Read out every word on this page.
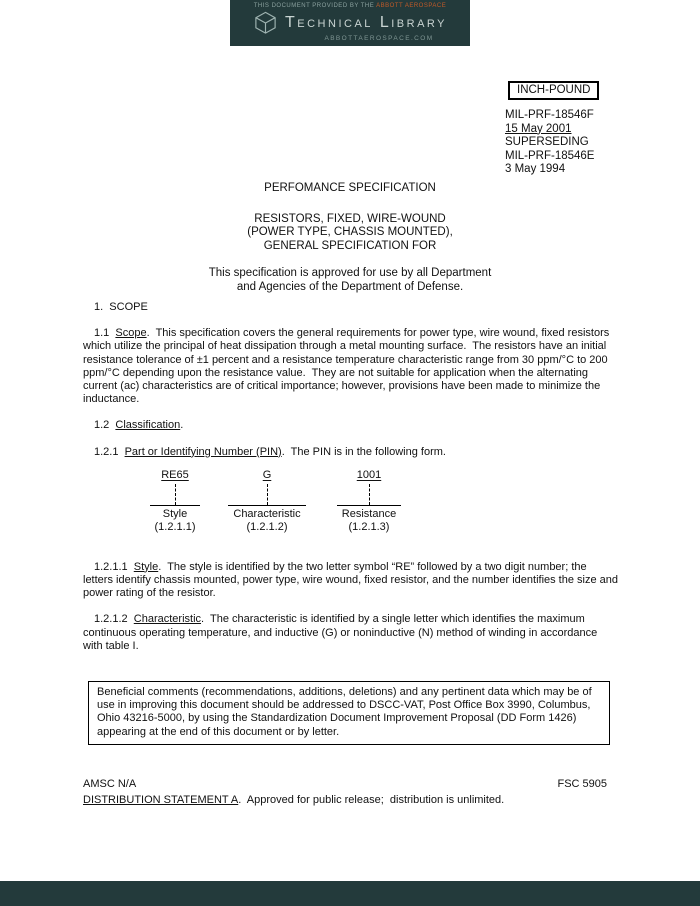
THIS DOCUMENT PROVIDED BY THE ABBOTT AEROSPACE
Technical Library
ABBOTTAEROSPACE.COM
INCH-POUND
MIL-PRF-18546F
15 May 2001
SUPERSEDING
MIL-PRF-18546E
3 May 1994
PERFOMANCE SPECIFICATION
RESISTORS, FIXED, WIRE-WOUND
(POWER TYPE, CHASSIS MOUNTED),
GENERAL SPECIFICATION FOR
This specification is approved for use by all Department
and Agencies of the Department of Defense.
1.  SCOPE

1.1  Scope.  This specification covers the general requirements for power type, wire wound, fixed resistors which utilize the principal of heat dissipation through a metal mounting surface.  The resistors have an initial resistance tolerance of ±1 percent and a resistance temperature characteristic range from 30 ppm/°C to 200 ppm/°C depending upon the resistance value.  They are not suitable for application when the alternating current (ac) characteristics are of critical importance; however, provisions have been made to minimize the inductance.

1.2  Classification.

1.2.1  Part or Identifying Number (PIN).  The PIN is in the following form.

RE65
Style
(1.2.1.1)
G
Characteristic
(1.2.1.2)
1001
Resistance
(1.2.1.3)

1.2.1.1  Style.  The style is identified by the two letter symbol “RE” followed by a two digit number; the letters identify chassis mounted, power type, wire wound, fixed resistor, and the number identifies the size and power rating of the resistor.

1.2.1.2  Characteristic.  The characteristic is identified by a single letter which identifies the maximum continuous operating temperature, and inductive (G) or noninductive (N) method of winding in accordance with table I.

Beneficial comments (recommendations, additions, deletions) and any pertinent data which may be of use in improving this document should be addressed to DSCC-VAT, Post Office Box 3990, Columbus, Ohio 43216-5000, by using the Standardization Document Improvement Proposal (DD Form 1426) appearing at the end of this document or by letter.
AMSC N/A	FSC 5905
DISTRIBUTION STATEMENT A.  Approved for public release;  distribution is unlimited.
